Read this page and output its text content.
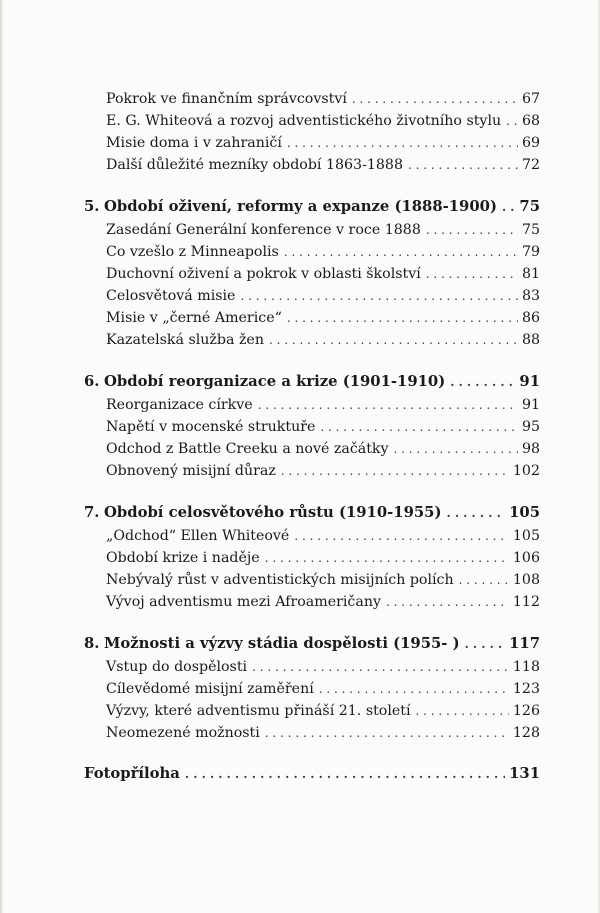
Pokrok ve finančním správcovství . . .	67
E. G. Whiteová a rozvoj adventistického životního stylu . . . 68
Misie doma i v zahraničí . . .	69
Další důležité mezníky období 1863-1888 . . .	72
5. Období oživení, reformy a expanze (1888-1900) . . . 75
Zasedání Generální konference v roce 1888 . . .	75
Co vzešlo z Minneapolis . . .	79
Duchovní oživení a pokrok v oblasti školství . . .	81
Celosvětová misie . . .	83
Misie v „černé Americe“ . . .	86
Kazatelská služba žen . . .	88
6. Období reorganizace a krize (1901-1910) . . .	91
Reorganizace církve . . .	91
Napětí v mocenské struktuře . . .	95
Odchod z Battle Creeku a nové začátky . . .	98
Obnovený misijní důraz . . .	102
7. Období celosvětového růstu (1910-1955) . . .	105
„Odchod“ Ellen Whiteové . . .	105
Období krize i naděje . . .	106
Nebývalý růst v adventistických misijních polích . . .	108
Vývoj adventismu mezi Afroameričany . . .	112
8. Možnosti a výzvy stádia dospělosti (1955- ) . . .	117
Vstup do dospělosti . . .	118
Cílevědomé misijní zaměření . . .	123
Výzvy, které adventismu přináší 21. století . . .	126
Neomezené možnosti . . .	128
Fotopříloha . . .	131
